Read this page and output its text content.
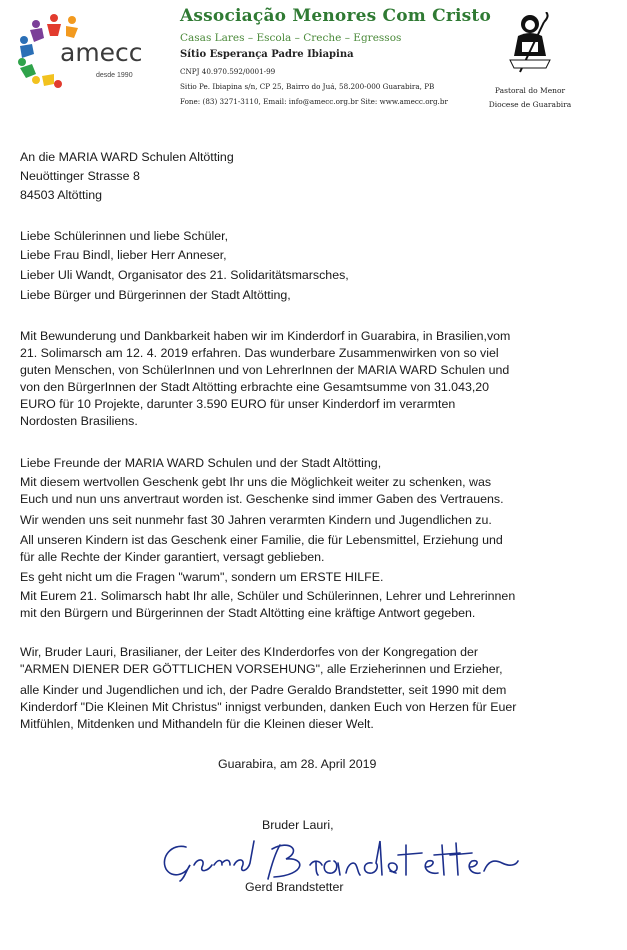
amecc
desde 1990
Associação Menores Com Cristo
Casas Lares – Escola – Creche – Egressos
Sítio Esperança Padre Ibiapina
CNPJ 40.970.592/0001-99
Sitio Pe. Ibiapina s/n, CP 25, Bairro do Juá, 58.200-000 Guarabira, PB
Fone: (83) 3271-3110, Email: info@amecc.org.br Site: www.amecc.org.br
Pastoral do Menor
Diocese de Guarabira

An die MARIA WARD Schulen Altötting

Neuöttinger Strasse 8

84503 Altötting

Liebe Schülerinnen und liebe Schüler,

Liebe Frau Bindl, lieber Herr Anneser,

Lieber Uli Wandt, Organisator des 21. Solidaritätsmarsches,

Liebe Bürger und Bürgerinnen der Stadt Altötting,

Mit Bewunderung und Dankbarkeit haben wir im Kinderdorf in Guarabira, in Brasilien,vom

21. Solimarsch am 12. 4. 2019 erfahren. Das wunderbare Zusammenwirken von so viel

guten Menschen, von SchülerInnen und von LehrerInnen der MARIA WARD Schulen und

von den BürgerInnen der Stadt Altötting erbrachte eine Gesamtsumme von 31.043,20

EURO für 10 Projekte, darunter 3.590 EURO für unser Kinderdorf im verarmten

Nordosten Brasiliens.

Liebe Freunde der MARIA WARD Schulen und der Stadt Altötting,

Mit diesem wertvollen Geschenk gebt Ihr uns die Möglichkeit weiter zu schenken, was

Euch und nun uns anvertraut worden ist. Geschenke sind immer Gaben des Vertrauens.

Wir wenden uns seit nunmehr fast 30 Jahren verarmten Kindern und Jugendlichen zu.

All unseren Kindern ist das Geschenk einer Familie, die für Lebensmittel, Erziehung und

für alle Rechte der Kinder garantiert, versagt geblieben.

Es geht nicht um die Fragen "warum", sondern um ERSTE HILFE.

Mit Eurem 21. Solimarsch habt Ihr alle, Schüler und Schülerinnen, Lehrer und Lehrerinnen

mit den Bürgern und Bürgerinnen der Stadt Altötting eine kräftige Antwort gegeben.

Wir, Bruder Lauri, Brasilianer, der Leiter des KInderdorfes von der Kongregation der

"ARMEN DIENER DER GÖTTLICHEN VORSEHUNG", alle Erzieherinnen und Erzieher,

alle Kinder und Jugendlichen und ich, der Padre Geraldo Brandstetter, seit 1990 mit dem

Kinderdorf "Die Kleinen Mit Christus" innigst verbunden, danken Euch von Herzen für Euer

Mitfühlen, Mitdenken und Mithandeln für die Kleinen dieser Welt.

Guarabira, am 28. April 2019
Bruder Lauri,
Gerd Brandstetter	Gerd Brandstetter
